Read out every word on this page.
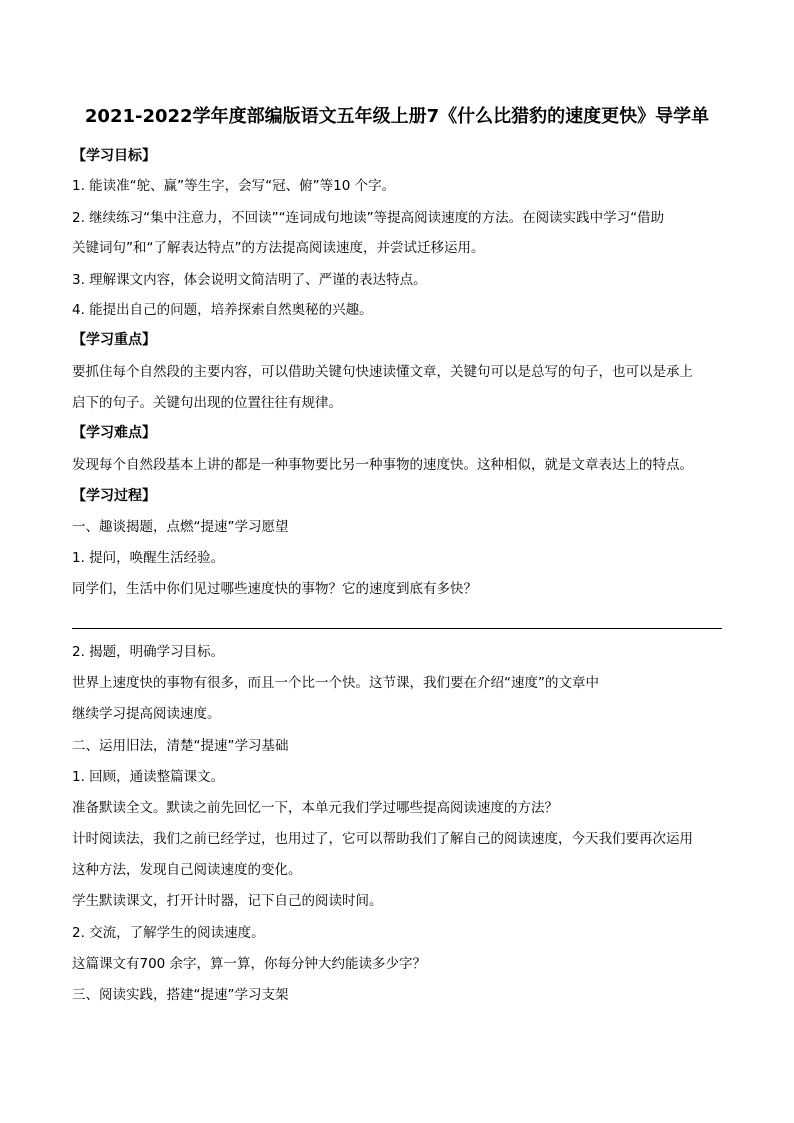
2021-2022学年度部编版语文五年级上册7《什么比猎豹的速度更快》导学单
【学习目标】
1. 能读准“鸵、赢”等生字，会写“冠、俯”等10 个字。
2. 继续练习“集中注意力，不回读”“连词成句地读”等提高阅读速度的方法。在阅读实践中学习“借助
关键词句”和“了解表达特点”的方法提高阅读速度，并尝试迁移运用。
3. 理解课文内容，体会说明文简洁明了、严谨的表达特点。
4. 能提出自己的问题，培养探索自然奥秘的兴趣。
【学习重点】
要抓住每个自然段的主要内容，可以借助关键句快速读懂文章，关键句可以是总写的句子，也可以是承上
启下的句子。关键句出现的位置往往有规律。
【学习难点】
发现每个自然段基本上讲的都是一种事物要比另一种事物的速度快。这种相似，就是文章表达上的特点。
【学习过程】
一、趣谈揭题，点燃“提速”学习愿望
1. 提问，唤醒生活经验。
同学们，生活中你们见过哪些速度快的事物？它的速度到底有多快？
2. 揭题，明确学习目标。
世界上速度快的事物有很多，而且一个比一个快。这节课，我们要在介绍“速度”的文章中
继续学习提高阅读速度。
二、运用旧法，清楚“提速”学习基础
1. 回顾，通读整篇课文。
准备默读全文。默读之前先回忆一下，本单元我们学过哪些提高阅读速度的方法？
计时阅读法，我们之前已经学过，也用过了，它可以帮助我们了解自己的阅读速度，今天我们要再次运用
这种方法，发现自己阅读速度的变化。
学生默读课文，打开计时器，记下自己的阅读时间。
2. 交流，了解学生的阅读速度。
这篇课文有700 余字，算一算，你每分钟大约能读多少字？
三、阅读实践，搭建“提速”学习支架
